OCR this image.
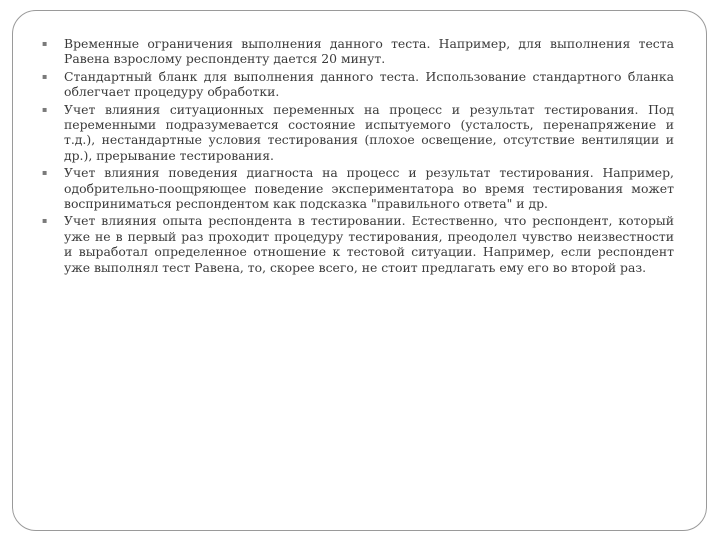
▪	Временные ограничения выполнения данного теста. Например, для выполнения теста Равена взрослому респонденту дается 20 минут.
▪	Стандартный бланк для выполнения данного теста. Использование стандартного бланка облегчает процедуру обработки.
▪	Учет влияния ситуационных переменных на процесс и результат тестирования. Под переменными подразумевается состояние испытуемого (усталость, перенапряжение и т.д.), нестандартные условия тестирования (плохое освещение, отсутствие вентиляции и др.), прерывание тестирования.
▪	Учет влияния поведения диагноста на процесс и результат тестирования. Например, одобрительно-поощряющее поведение экспериментатора во время тестирования может восприниматься респондентом как подсказка "правильного ответа" и др.
▪	Учет влияния опыта респондента в тестировании. Естественно, что респондент, который уже не в первый раз проходит процедуру тестирования, преодолел чувство неизвестности и выработал определенное отношение к тестовой ситуации. Например, если респондент уже выполнял тест Равена, то, скорее всего, не стоит предлагать ему его во второй раз.
